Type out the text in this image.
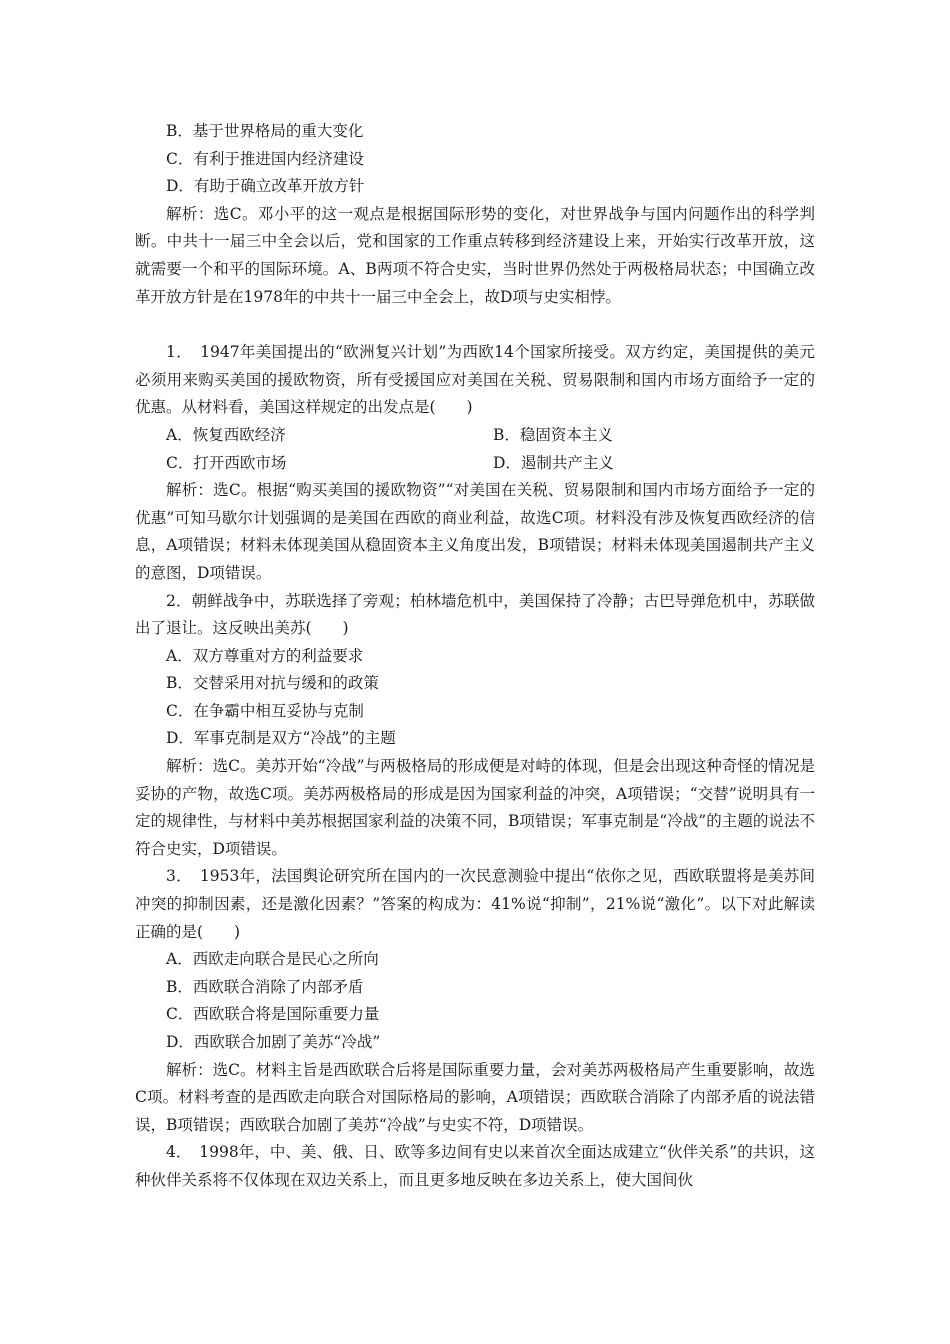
B．基于世界格局的重大变化

C．有利于推进国内经济建设

D．有助于确立改革开放方针

解析：选C。邓小平的这一观点是根据国际形势的变化，对世界战争与国内问题作出的科学判断。中共十一届三中全会以后，党和国家的工作重点转移到经济建设上来，开始实行改革开放，这就需要一个和平的国际环境。A、B两项不符合史实，当时世界仍然处于两极格局状态；中国确立改革开放方针是在1978年的中共十一届三中全会上，故D项与史实相悖。

1．　1947年美国提出的“欧洲复兴计划”为西欧14个国家所接受。双方约定，美国提供的美元必须用来购买美国的援欧物资，所有受援国应对美国在关税、贸易限制和国内市场方面给予一定的优惠。从材料看，美国这样规定的出发点是(　　)

A．恢复西欧经济	B．稳固资本主义
C．打开西欧市场	D．遏制共产主义

解析：选C。根据“购买美国的援欧物资”“对美国在关税、贸易限制和国内市场方面给予一定的优惠”可知马歇尔计划强调的是美国在西欧的商业利益，故选C项。材料没有涉及恢复西欧经济的信息，A项错误；材料未体现美国从稳固资本主义角度出发，B项错误；材料未体现美国遏制共产主义的意图，D项错误。

2．朝鲜战争中，苏联选择了旁观；柏林墙危机中，美国保持了冷静；古巴导弹危机中，苏联做出了退让。这反映出美苏(　　)

A．双方尊重对方的利益要求

B．交替采用对抗与缓和的政策

C．在争霸中相互妥协与克制

D．军事克制是双方“冷战”的主题

解析：选C。美苏开始“冷战”与两极格局的形成便是对峙的体现，但是会出现这种奇怪的情况是妥协的产物，故选C项。美苏两极格局的形成是因为国家利益的冲突，A项错误；“交替”说明具有一定的规律性，与材料中美苏根据国家利益的决策不同，B项错误；军事克制是“冷战”的主题的说法不符合史实，D项错误。

3．　1953年，法国舆论研究所在国内的一次民意测验中提出“依你之见，西欧联盟将是美苏间冲突的抑制因素，还是激化因素？”答案的构成为：41%说“抑制”，21%说“激化”。以下对此解读正确的是(　　)

A．西欧走向联合是民心之所向

B．西欧联合消除了内部矛盾

C．西欧联合将是国际重要力量

D．西欧联合加剧了美苏“冷战”

解析：选C。材料主旨是西欧联合后将是国际重要力量，会对美苏两极格局产生重要影响，故选C项。材料考查的是西欧走向联合对国际格局的影响，A项错误；西欧联合消除了内部矛盾的说法错误，B项错误；西欧联合加剧了美苏“冷战”与史实不符，D项错误。

4．　1998年，中、美、俄、日、欧等多边间有史以来首次全面达成建立“伙伴关系”的共识，这种伙伴关系将不仅体现在双边关系上，而且更多地反映在多边关系上，使大国间伙
